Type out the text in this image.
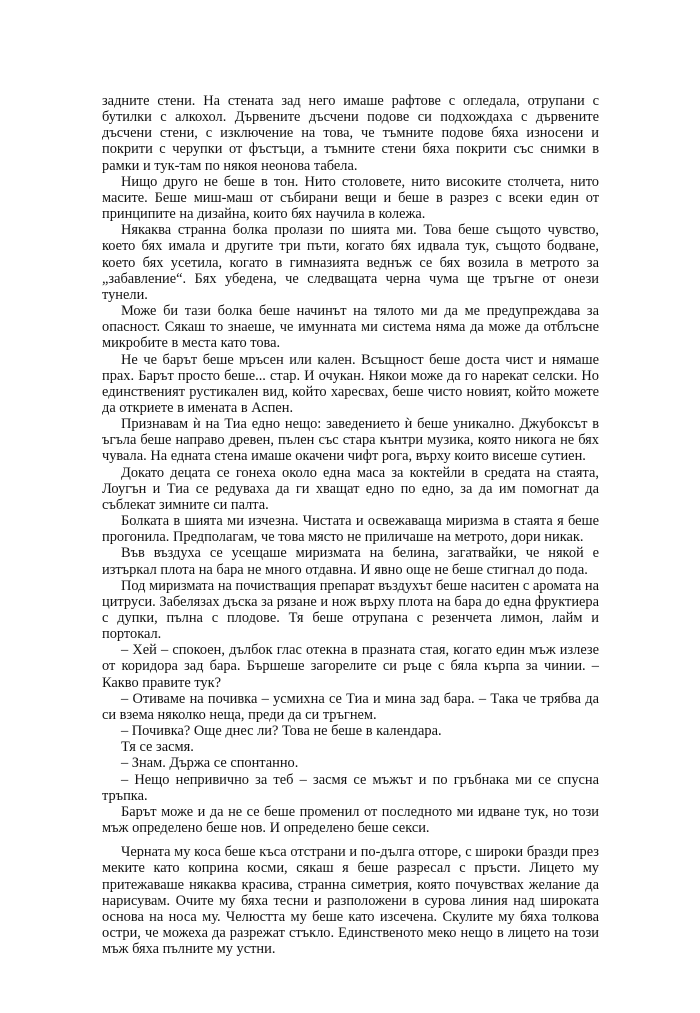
задните стени. На стената зад него имаше рафтове с огледала, отрупани с бутилки с алкохол. Дървените дъсчени подове си подхождаха с дървените дъсчени стени, с изключение на това, че тъмните подове бяха износени и покрити с черупки от фъстъци, а тъмните стени бяха покрити със снимки в рамки и тук-там по някоя неонова табела.

Нищо друго не беше в тон. Нито столовете, нито високите столчета, нито масите. Беше миш-маш от събирани вещи и беше в разрез с всеки един от принципите на дизайна, които бях научила в колежа.

Някаква странна болка пролази по шията ми. Това беше същото чувство, което бях имала и другите три пъти, когато бях идвала тук, същото бодване, което бях усетила, когато в гимназията веднъж се бях возила в метрото за „забавление“. Бях убедена, че следващата черна чума ще тръгне от онези тунели.

Може би тази болка беше начинът на тялото ми да ме предупреждава за опасност. Сякаш то знаеше, че имунната ми система няма да може да отблъсне микробите в места като това.

Не че барът беше мръсен или кален. Всъщност беше доста чист и нямаше прах. Барът просто беше... стар. И очукан. Някои може да го нарекат селски. Но единственият рустикален вид, който харесвах, беше чисто новият, който можете да откриете в имената в Аспен.

Признавам ѝ на Тиа едно нещо: заведението ѝ беше уникално. Джубоксът в ъгъла беше направо древен, пълен със стара кънтри музика, която никога не бях чувала. На едната стена имаше окачени чифт рога, върху които висеше сутиен.

Докато децата се гонеха около една маса за коктейли в средата на стаята, Лоугън и Тиа се редуваха да ги хващат едно по едно, за да им помогнат да съблекат зимните си палта.

Болката в шията ми изчезна. Чистата и освежаваща миризма в стаята я беше прогонила. Предполагам, че това място не приличаше на метрото, дори никак.

Във въздуха се усещаше миризмата на белина, загатвайки, че някой е изтъркал плота на бара не много отдавна. И явно още не беше стигнал до пода.

Под миризмата на почистващия препарат въздухът беше наситен с аромата на цитруси. Забелязах дъска за рязане и нож върху плота на бара до една фруктиера с дупки, пълна с плодове. Тя беше отрупана с резенчета лимон, лайм и портокал.

– Хей – спокоен, дълбок глас отекна в празната стая, когато един мъж излезе от коридора зад бара. Бършеше загорелите си ръце с бяла кърпа за чинии. – Какво правите тук?

– Отиваме на почивка – усмихна се Тиа и мина зад бара. – Така че трябва да си взема няколко неща, преди да си тръгнем.

– Почивка? Още днес ли? Това не беше в календара.

Тя се засмя.

– Знам. Държа се спонтанно.

– Нещо непривично за теб – засмя се мъжът и по гръбнака ми се спусна тръпка.

Барът може и да не се беше променил от последното ми идване тук, но този мъж определено беше нов. И определено беше секси.

Черната му коса беше къса отстрани и по-дълга отгоре, с широки бразди през меките като коприна косми, сякаш я беше разресал с пръсти. Лицето му притежаваше някаква красива, странна симетрия, която почувствах желание да нарисувам. Очите му бяха тесни и разположени в сурова линия над широката основа на носа му. Челюстта му беше като изсечена. Скулите му бяха толкова остри, че можеха да разрежат стъкло. Единственото меко нещо в лицето на този мъж бяха пълните му устни.
